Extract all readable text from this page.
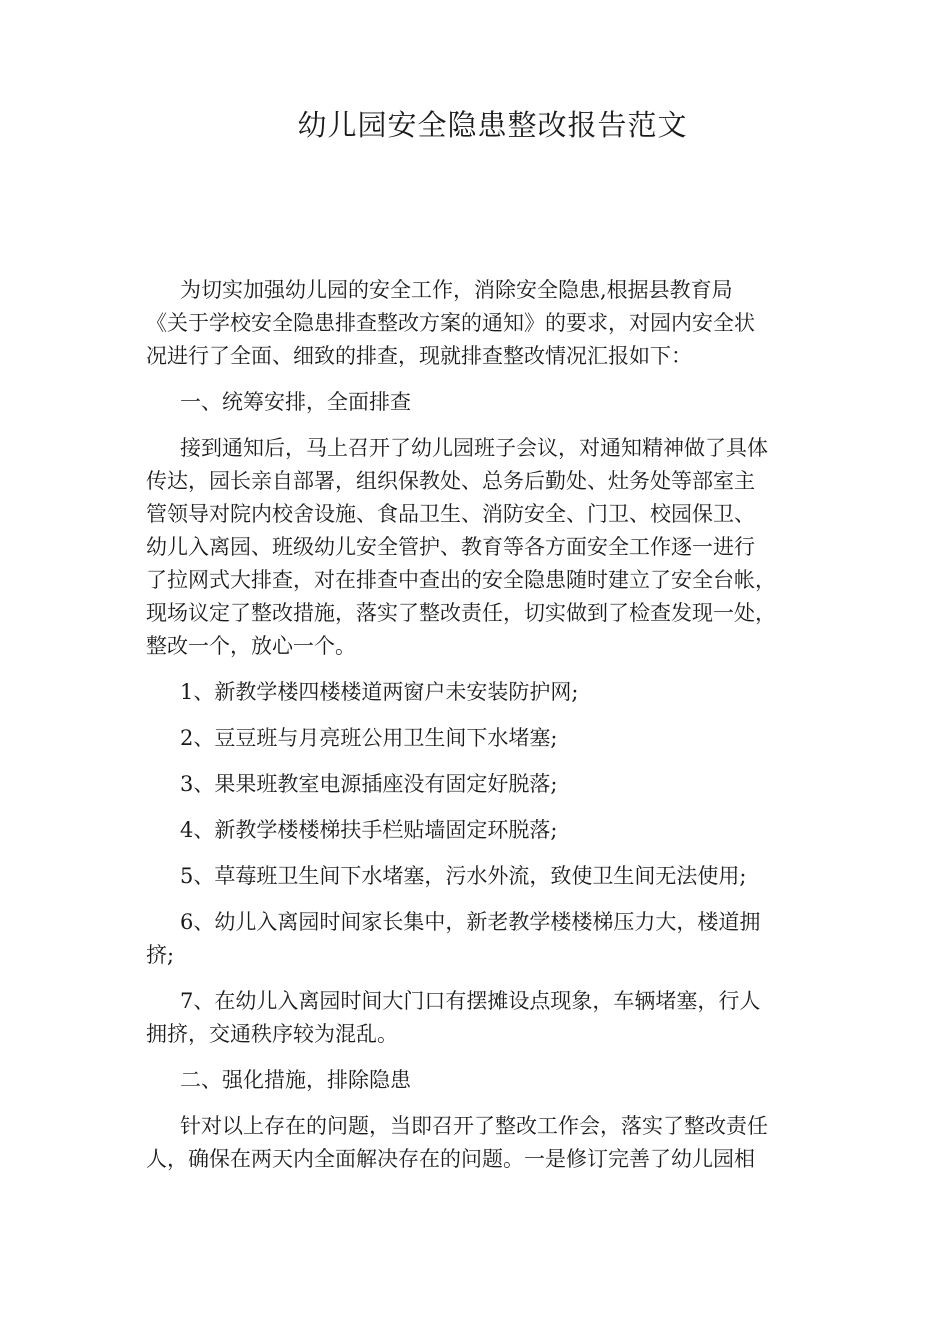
幼儿园安全隐患整改报告范文

为切实加强幼儿园的安全工作，消除安全隐患,根据县教育局
《关于学校安全隐患排查整改方案的通知》的要求，对园内安全状
况进行了全面、细致的排查，现就排查整改情况汇报如下：

一、统筹安排，全面排查

接到通知后，马上召开了幼儿园班子会议，对通知精神做了具体
传达，园长亲自部署，组织保教处、总务后勤处、灶务处等部室主
管领导对院内校舍设施、食品卫生、消防安全、门卫、校园保卫、
幼儿入离园、班级幼儿安全管护、教育等各方面安全工作逐一进行
了拉网式大排查，对在排查中查出的安全隐患随时建立了安全台帐，
现场议定了整改措施，落实了整改责任，切实做到了检查发现一处，
整改一个，放心一个。

1、新教学楼四楼楼道两窗户未安装防护网;

2、豆豆班与月亮班公用卫生间下水堵塞;

3、果果班教室电源插座没有固定好脱落;

4、新教学楼楼梯扶手栏贴墙固定环脱落;

5、草莓班卫生间下水堵塞，污水外流，致使卫生间无法使用;

6、幼儿入离园时间家长集中，新老教学楼楼梯压力大，楼道拥
挤;

7、在幼儿入离园时间大门口有摆摊设点现象，车辆堵塞，行人
拥挤，交通秩序较为混乱。

二、强化措施，排除隐患

针对以上存在的问题，当即召开了整改工作会，落实了整改责任
人，确保在两天内全面解决存在的问题。一是修订完善了幼儿园相
